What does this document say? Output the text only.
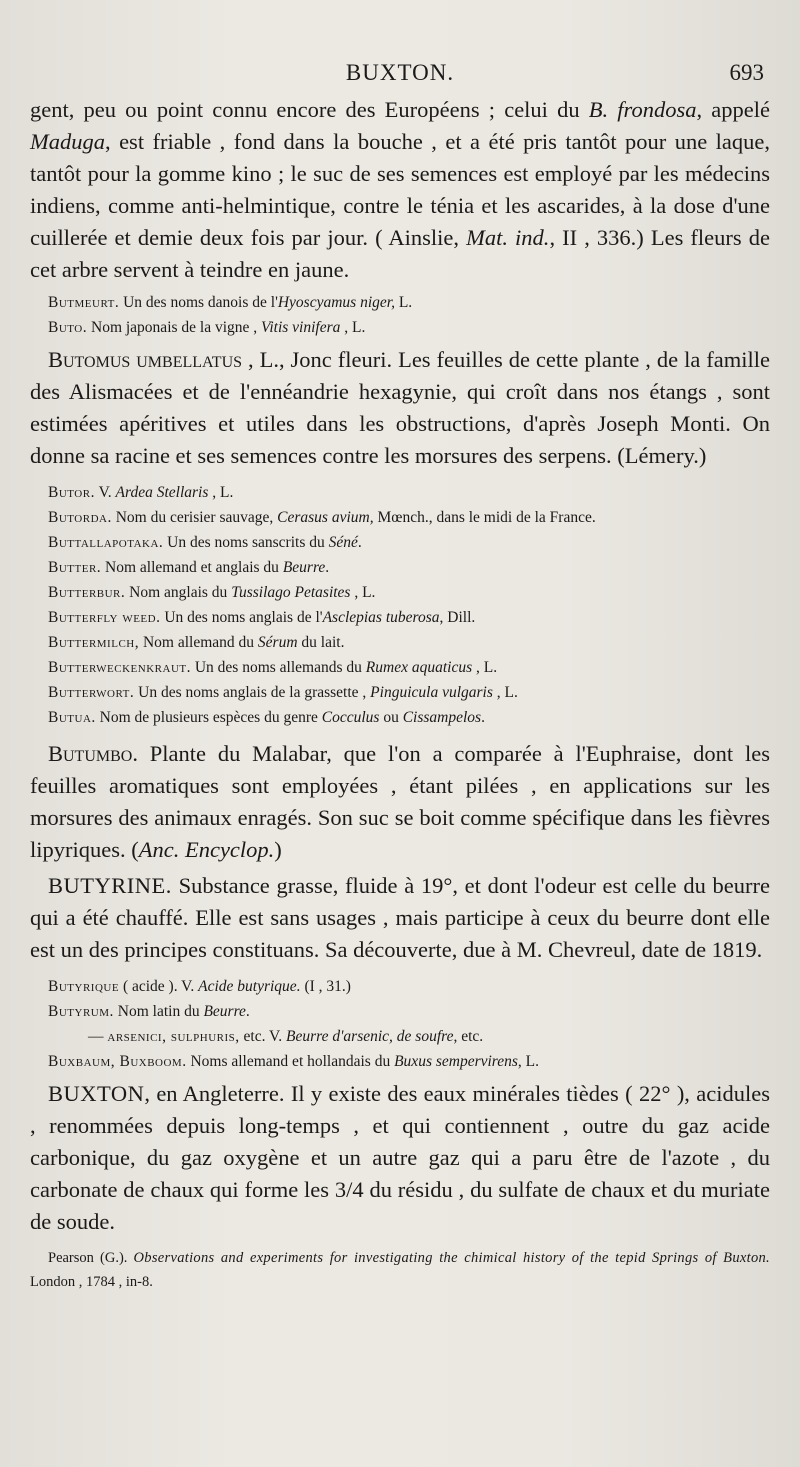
BUXTON.	693

gent, peu ou point connu encore des Européens ; celui du B. frondosa, appelé Maduga, est friable , fond dans la bouche , et a été pris tantôt pour une laque, tantôt pour la gomme kino ; le suc de ses semences est employé par les médecins indiens, comme anti-helmintique, contre le ténia et les ascarides, à la dose d'une cuillerée et demie deux fois par jour. ( Ainslie, Mat. ind., II , 336.) Les fleurs de cet arbre servent à teindre en jaune.

Butmeurt. Un des noms danois de l'Hyoscyamus niger, L.

Buto. Nom japonais de la vigne , Vitis vinifera , L.

Butomus umbellatus , L., Jonc fleuri. Les feuilles de cette plante , de la famille des Alismacées et de l'ennéandrie hexagynie, qui croît dans nos étangs , sont estimées apéritives et utiles dans les obstructions, d'après Joseph Monti. On donne sa racine et ses semences contre les morsures des serpens. (Lémery.)

Butor. V. Ardea Stellaris , L.

Butorda. Nom du cerisier sauvage, Cerasus avium, Mœnch., dans le midi de la France.

Buttallapotaka. Un des noms sanscrits du Séné.

Butter. Nom allemand et anglais du Beurre.

Butterbur. Nom anglais du Tussilago Petasites , L.

Butterfly weed. Un des noms anglais de l'Asclepias tuberosa, Dill.

Buttermilch, Nom allemand du Sérum du lait.

Butterweckenkraut. Un des noms allemands du Rumex aquaticus , L.

Butterwort. Un des noms anglais de la grassette , Pinguicula vulgaris , L.

Butua. Nom de plusieurs espèces du genre Cocculus ou Cissampelos.

Butumbo. Plante du Malabar, que l'on a comparée à l'Euphraise, dont les feuilles aromatiques sont employées , étant pilées , en applications sur les morsures des animaux enragés. Son suc se boit comme spécifique dans les fièvres lipyriques. (Anc. Encyclop.)

BUTYRINE. Substance grasse, fluide à 19°, et dont l'odeur est celle du beurre qui a été chauffé. Elle est sans usages , mais participe à ceux du beurre dont elle est un des principes constituans. Sa découverte, due à M. Chevreul, date de 1819.

Butyrique ( acide ). V. Acide butyrique. (I , 31.)

Butyrum. Nom latin du Beurre.

— arsenici, sulphuris, etc. V. Beurre d'arsenic, de soufre, etc.

Buxbaum, Buxboom. Noms allemand et hollandais du Buxus sempervirens, L.

BUXTON, en Angleterre. Il y existe des eaux minérales tièdes ( 22° ), acidules , renommées depuis long-temps , et qui contiennent , outre du gaz acide carbonique, du gaz oxygène et un autre gaz qui a paru être de l'azote , du carbonate de chaux qui forme les 3/4 du résidu , du sulfate de chaux et du muriate de soude.

Pearson (G.). Observations and experiments for investigating the chimical history of the tepid Springs of Buxton. London , 1784 , in-8.
